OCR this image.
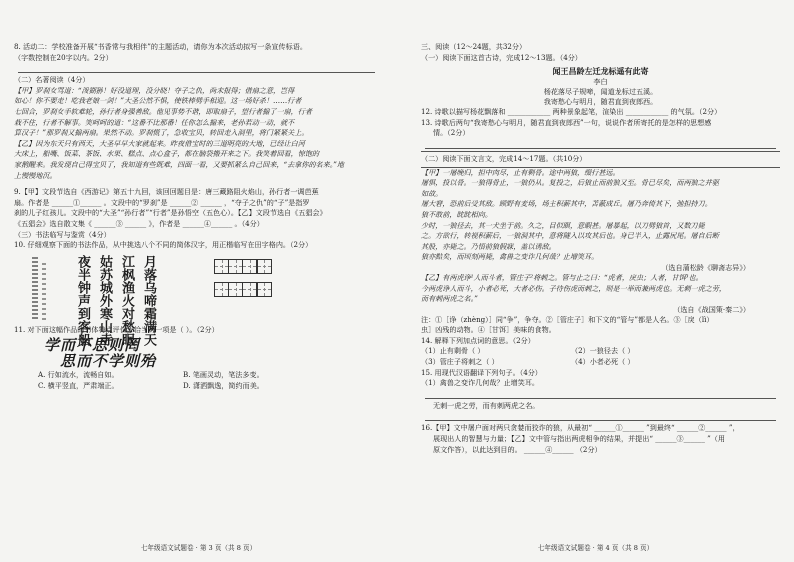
8. 活动二：学校准备开展“书香常与我相伴”的主题活动，请你为本次活动拟写一条宣传标语。

（字数控制在20字以内。2分）

（二）名著阅读（4分）

【甲】罗刹女骂道：“泼猢狲！好没道理，没分晓！夺子之仇，尚未报得；借扇之意，岂得

如心！你不要走！吃我老娘一剑！”大圣公然不惧，使铁棒劈手相迎。这一场好杀！……行者

七回合，罗刹女手软难轮，孙行者身强善敌。他见事势不谐，即取扇子，望行者搧了一扇，行者

栽不住，行者不解事。笑呵呵的道：“这番不比那番！任你怎么搧来，老孙若动一动，就不

算汉子！”那罗刹又搧两扇。果然不动。罗刹慌了，急收宝贝，转回走入洞里，将门紧紧关上。

【乙】因为东天只有西天，大圣早早大家就起来。昨夜借宝时的三道明亮的大地，已经让白河

大床上，船嘴、饭菜、茶饭、水果、糕点、点心盒子，都在脑袋搬开来之下。我笑着回看，惊饱的

家鹅醒来。我发现自己得宝贝了，我知道有些既难，四面一看，又要抓紧么自己回来，“去拿你的名来。”地

上慢慢地沉。

9.【甲】文段节选自《西游记》第五十九回，该回回题目是：唐三藏路阻火焰山，孙行者一调芭蕉

扇。作者是 ______①______ 。文段中的“罗刹”是 ______② ______ ，“夺子之仇”的“子”是指罗

刹的儿子红孩儿。文段中的“大圣”“孙行者”“行者”是孙悟空（五色心）。【乙】文段节选自《五猖会》

《五猖会》选自散文集《 ______③ ______ 》，作者是 ______④______ 。（4分）

（三）书法临写与鉴赏（4分）

10. 仔细观察下面的书法作品，从中挑选八个不同的简体汉字，用正楷临写在田字格内。（2分）

月落乌啼霜满天
江枫渔火对愁眠
姑苏城外寒山寺
夜半钟声到客船

11. 对下面这幅作品的书体特点评价不恰当的一项是（ ）。（2分）

学而不思则罔
思而不学则殆
A. 行如流水，流畅自如。	B. 笔画灵动，笔法多变。
C. 横平竖直，严肃端正。	D. 潇洒飘逸，简约而美。
七年级语文试题卷 · 第 3 页（共 8 页）

三、阅读（12～24题，共32分）

（一）阅读下面这首古诗，完成12～13题。（4分）

闻王昌龄左迁龙标遥有此寄
李白
杨花落尽子规啼，闻道龙标过五溪。
我寄愁心与明月，随君直到夜郎西。

12. 诗歌以描写杨花飘落和 ____________ 两种景象起笔，渲染出 ____________ 的气氛。（2分）

13. 诗歌后两句“我寄愁心与明月，随君直到夜郎西”一句，说说作者所寄托的是怎样的思想感

情。（2分）

（二）阅读下面文言文，完成14～17题。（共10分）

【甲】一屠晚归，担中肉尽，止有剩骨。途中两狼，缀行甚远。

屠惧，投以骨。一狼得骨止，一狼仍从。复投之，后狼止而前狼又至。骨已尽矣，而两狼之并驱

如故。

屠大窘，恐前后受其敌。顾野有麦场，场主积薪其中，苫蔽成丘。屠乃奔倚其下，弛担持刀。

狼不敢前，眈眈相向。

少时，一狼径去，其一犬坐于前。久之，目似瞑，意暇甚。屠暴起，以刀劈狼首，又数刀毙

之。方欲行，转视积薪后，一狼洞其中，意将隧入以攻其后也。身已半入，止露尻尾。屠自后断

其股，亦毙之。乃悟前狼假寐，盖以诱敌。

狼亦黠矣，而顷刻两毙，禽兽之变诈几何哉？止增笑耳。

（选自蒲松龄《聊斋志异》）

【乙】有两虎诤¹人而斗者，管庄子²将刺之。管与止之曰：“虎者，戾虫；人者，甘饵³也。

今两虎诤人而斗，小者必死，大者必伤。子待伤虎而刺之，则是一举而兼两虎也。无刺一虎之劳，

而有刺两虎之名。”

（选自《战国策·秦二》）

注：①［诤（zhèng）］同“争”，争夺。②［管庄子］和下文的“管与”都是人名。③［戾（lì）

虫］凶残的动物。④［甘饵］美味的食物。

14. 解释下列加点词的意思。（2分）

（1）止有剩骨（ ）	（2）一狼径去（ ）

（3）管庄子将刺之（ ）	（4）小者必死（ ）

15. 用现代汉语翻译下列句子。（4分）

（1）禽兽之变诈几何哉？止增笑耳。

无刺一虎之劳，而有刺两虎之名。

16.【甲】文中屠户面对两只贪婪而狡诈的狼，从最初“ ______①______ ”到最终“ ______②______ ”，

展现出人的智慧与力量；【乙】文中管与指出两虎相争的结果，并提出“ ______③______ ”（用

原文作答），以此达到目的。 ______④______ （2分）

七年级语文试题卷 · 第 4 页（共 8 页）
